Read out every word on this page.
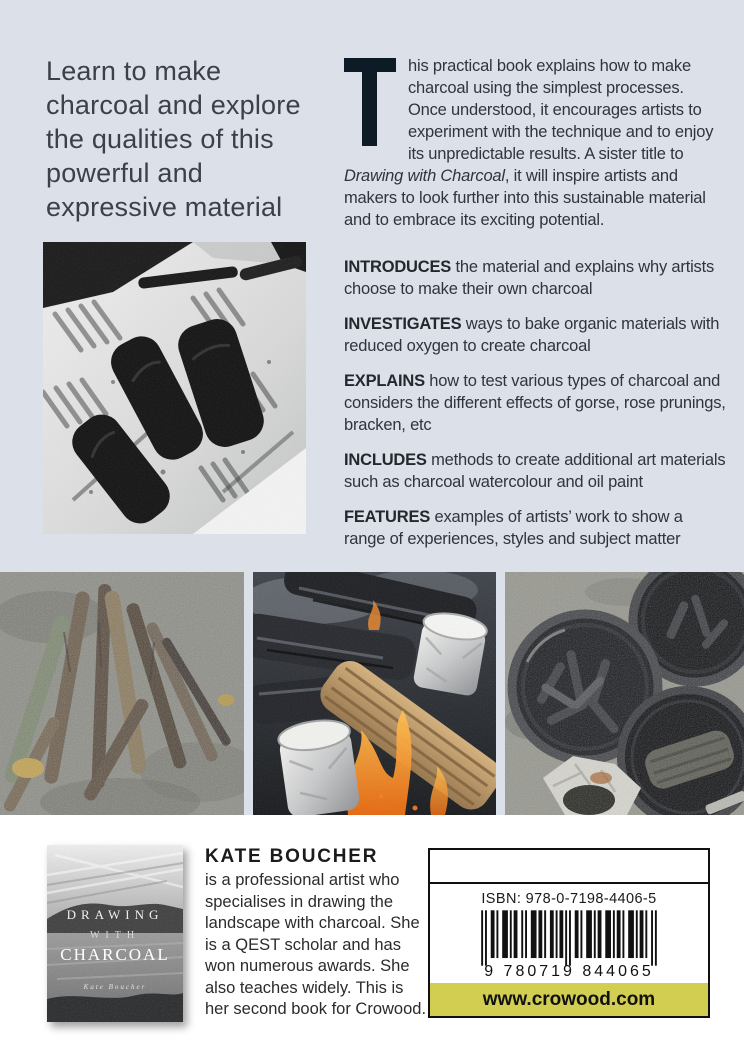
Learn to make charcoal and explore the qualities of this powerful and expressive material
his practical book explains how to make charcoal using the simplest processes. Once understood, it encourages artists to experiment with the technique and to enjoy its unpredictable results. A sister title to Drawing with Charcoal, it will inspire artists and makers to look further into this sustainable material and to embrace its exciting potential.

INTRODUCES the material and explains why artists choose to make their own charcoal

INVESTIGATES ways to bake organic materials with reduced oxygen to create charcoal

EXPLAINS how to test various types of charcoal and considers the different effects of gorse, rose prunings, bracken, etc

INCLUDES methods to create additional art materials such as charcoal watercolour and oil paint

FEATURES examples of artists’ work to show a range of experiences, styles and subject matter

DRAWING
WITH
CHARCOAL
Kate Boucher
KATE BOUCHER

is a professional artist who specialises in drawing the landscape with charcoal. She is a QEST scholar and has won numerous awards. She also teaches widely. This is her second book for Crowood.

ISBN: 978-0-7198-4406-5
9 780719 844065
www.crowood.com
